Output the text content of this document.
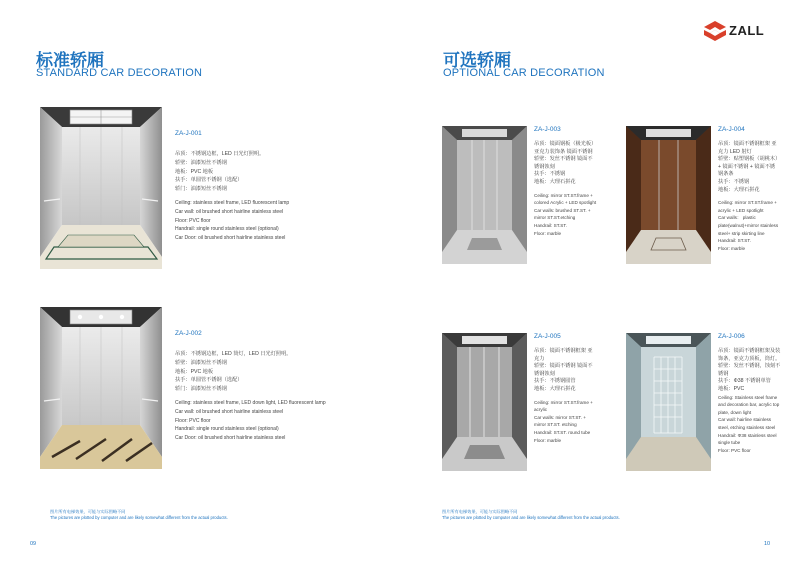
ZALL
标准轿厢
STANDARD CAR DECORATION
ZA-J-001
吊顶：不锈钢边框，LED 日光灯照明。
轿壁：油漆短丝不锈钢
地板：PVC 地板
扶手：单圆管不锈钢（选配）
轿门：油漆短丝不锈钢
Ceiling: stainless steel frame, LED fluorescent lamp
Car wall: oil brushed short hairline stainless steel
Floor: PVC floor
Handrail: single round stainless steel (optional)
Car Door: oil brushed short hairline stainless steel
ZA-J-002
吊顶：不锈钢边框，LED 筒灯，LED 日光灯照明。
轿壁：油漆短丝不锈钢
地板：PVC 地板
扶手：单圆管不锈钢（选配）
轿门：油漆短丝不锈钢
Ceiling: stainless steel frame, LED down light, LED fluorescent lamp
Car wall: oil brushed short hairline stainless steel
Floor: PVC floor
Handrail: single round stainless steel (optional)
Car Door: oil brushed short hairline stainless steel
图片所有电梯效果，可能与实际图略不同
The pictures are plotted by computer and are likely somewhat different from the actual products.
09
可选轿厢
OPTIONAL CAR DECORATION
ZA-J-003
吊顶：镜面钢板（极光板）
亚克力装饰条 镜面不锈钢
轿壁：发丝不锈钢 镜面不
锈钢蚀刻
扶手：不锈钢
地板：大理石拼花
Ceiling: mirror ST.ST.frame +
colored Acrylic + LED spotlight
Car walls: brushed ST.ST. +
mirror ST.ST.etching
Handrail: ST.ST.
Floor: marble
ZA-J-004
吊顶：镜面不锈钢框架 亚
克力 LED 射灯
轿壁：贴塑钢板（胡桃木）
+ 镜面不锈钢 + 镜面不锈
钢条条
扶手：不锈钢
地板：大理石拼花
Ceiling: mirror ST.ST.frame +
acrylic + LED spotlight
Car walls： plastic
plate(walnut)+mirror stainless
steel+ strip skirting line
Handrail: ST.ST.
Floor: marble
ZA-J-005
吊顶：镜面不锈钢框架 亚
克力
轿壁：镜面不锈钢 镜面不
锈钢蚀刻
扶手：不锈钢圆管
地板：大理石拼花
Ceiling: mirror ST.ST.frame +
acrylic
Car walls: mirror ST.ST. +
mirror ST.ST. etching
Handrail: ST.ST. round tube
Floor: marble
ZA-J-006
吊顶：镜面不锈钢框架及装
饰条，亚克力顶板，筒灯。
轿壁：发丝不锈钢，蚀刻不
锈钢
扶手：Φ38 不锈钢单管
地板：PVC
Ceiling: Stainless steel frame
and decoration bar, acrylic top
plate, down light
Car wall: hairline stainless
steel, etching stainless steel
Handrail: Φ38 stainless steel
single tube
Floor: PVC floor
图片所有电梯效果，可能与实际图略不同
The pictures are plotted by computer and are likely somewhat different from the actual products.
10
